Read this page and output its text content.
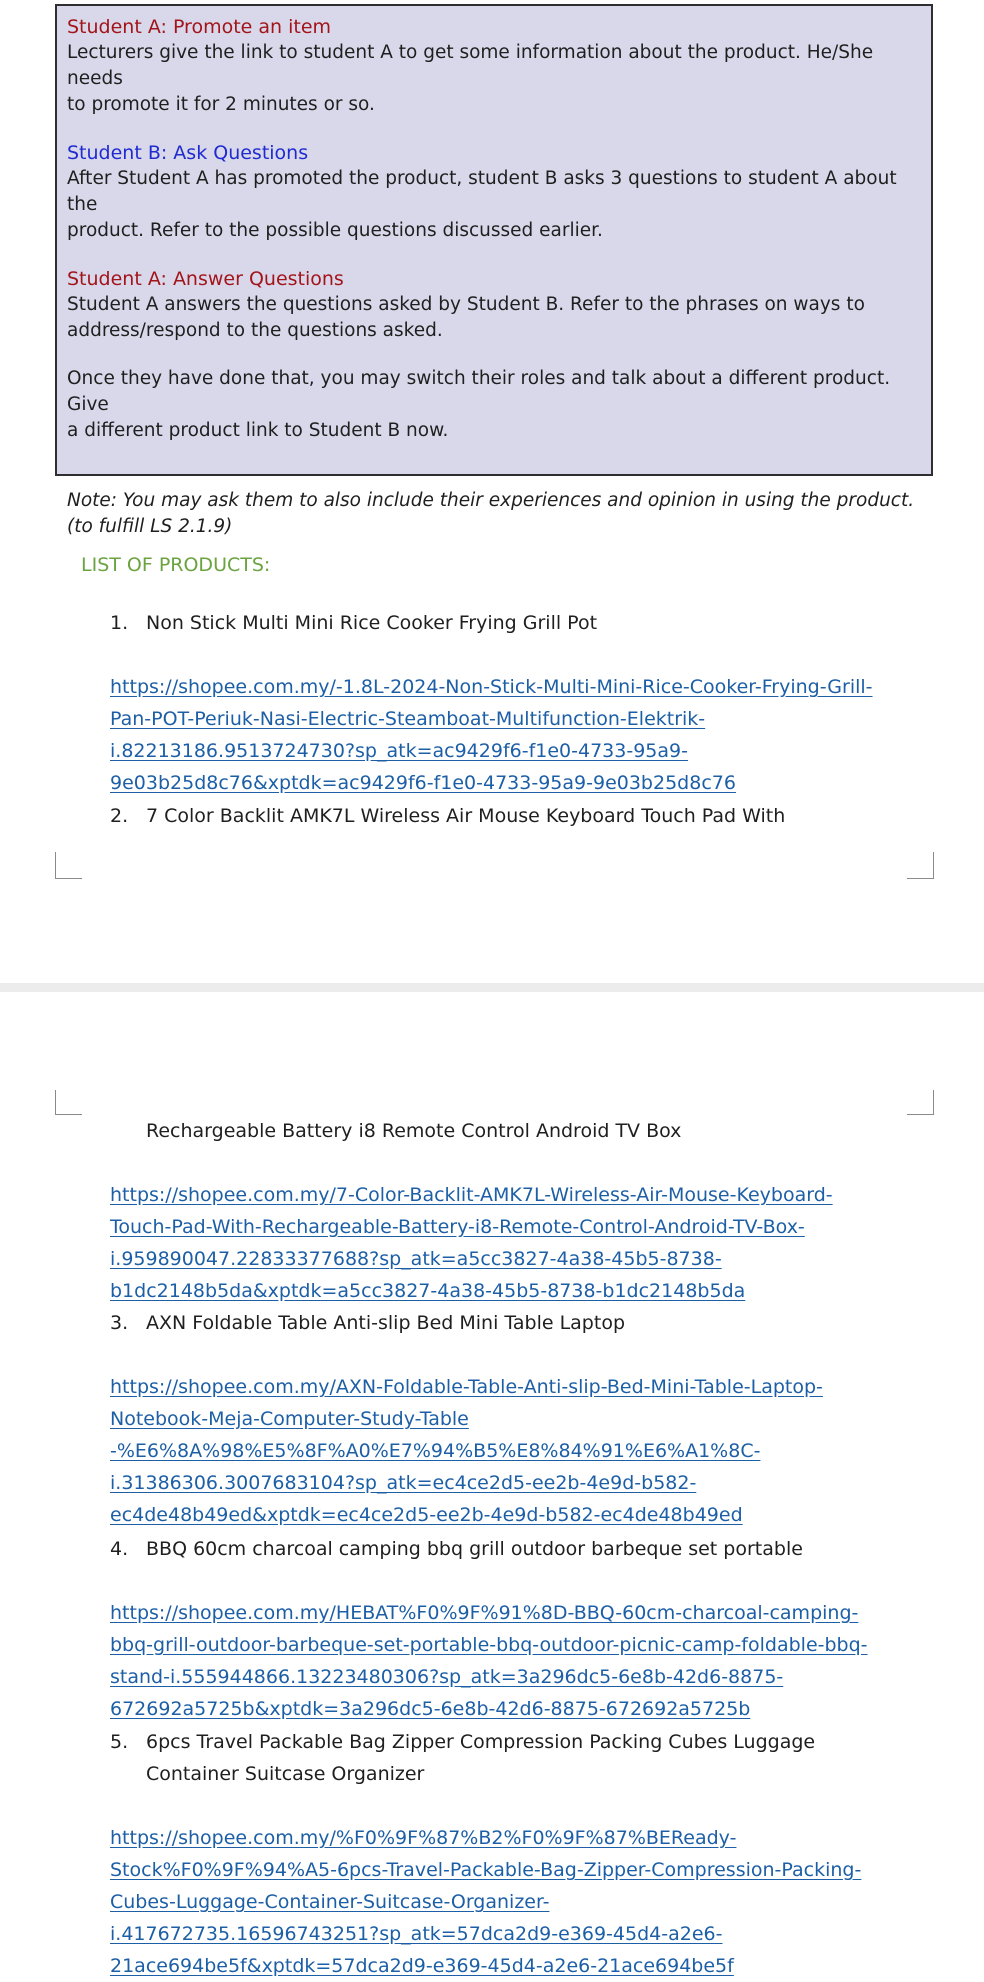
Student A: Promote an item

Lecturers give the link to student A to get some information about the product. He/She needs

to promote it for 2 minutes or so.

Student B: Ask Questions

After Student A has promoted the product, student B asks 3 questions to student A about the

product. Refer to the possible questions discussed earlier.

Student A: Answer Questions

Student A answers the questions asked by Student B. Refer to the phrases on ways to

address/respond to the questions asked.

Once they have done that, you may switch their roles and talk about a different product. Give

a different product link to Student B now.

Note: You may ask them to also include their experiences and opinion in using the product.

(to fulfill LS 2.1.9)

LIST OF PRODUCTS:

1. Non Stick Multi Mini Rice Cooker Frying Grill Pot
https://shopee.com.my/-1.8L-2024-Non-Stick-Multi-Mini-Rice-Cooker-Frying-Grill-
Pan-POT-Periuk-Nasi-Electric-Steamboat-Multifunction-Elektrik-
i.82213186.9513724730?sp_atk=ac9429f6-f1e0-4733-95a9-
9e03b25d8c76&xptdk=ac9429f6-f1e0-4733-95a9-9e03b25d8c76
2. 7 Color Backlit AMK7L Wireless Air Mouse Keyboard Touch Pad With
Rechargeable Battery i8 Remote Control Android TV Box
https://shopee.com.my/7-Color-Backlit-AMK7L-Wireless-Air-Mouse-Keyboard-
Touch-Pad-With-Rechargeable-Battery-i8-Remote-Control-Android-TV-Box-
i.959890047.22833377688?sp_atk=a5cc3827-4a38-45b5-8738-
b1dc2148b5da&xptdk=a5cc3827-4a38-45b5-8738-b1dc2148b5da
3. AXN Foldable Table Anti-slip Bed Mini Table Laptop
https://shopee.com.my/AXN-Foldable-Table-Anti-slip-Bed-Mini-Table-Laptop-
Notebook-Meja-Computer-Study-Table
-%E6%8A%98%E5%8F%A0%E7%94%B5%E8%84%91%E6%A1%8C-
i.31386306.3007683104?sp_atk=ec4ce2d5-ee2b-4e9d-b582-
ec4de48b49ed&xptdk=ec4ce2d5-ee2b-4e9d-b582-ec4de48b49ed
4. BBQ 60cm charcoal camping bbq grill outdoor barbeque set portable
https://shopee.com.my/HEBAT%F0%9F%91%8D-BBQ-60cm-charcoal-camping-
bbq-grill-outdoor-barbeque-set-portable-bbq-outdoor-picnic-camp-foldable-bbq-
stand-i.555944866.13223480306?sp_atk=3a296dc5-6e8b-42d6-8875-
672692a5725b&xptdk=3a296dc5-6e8b-42d6-8875-672692a5725b
5. 6pcs Travel Packable Bag Zipper Compression Packing Cubes Luggage
Container Suitcase Organizer
https://shopee.com.my/%F0%9F%87%B2%F0%9F%87%BEReady-
Stock%F0%9F%94%A5-6pcs-Travel-Packable-Bag-Zipper-Compression-Packing-
Cubes-Luggage-Container-Suitcase-Organizer-
i.417672735.16596743251?sp_atk=57dca2d9-e369-45d4-a2e6-
21ace694be5f&xptdk=57dca2d9-e369-45d4-a2e6-21ace694be5f
